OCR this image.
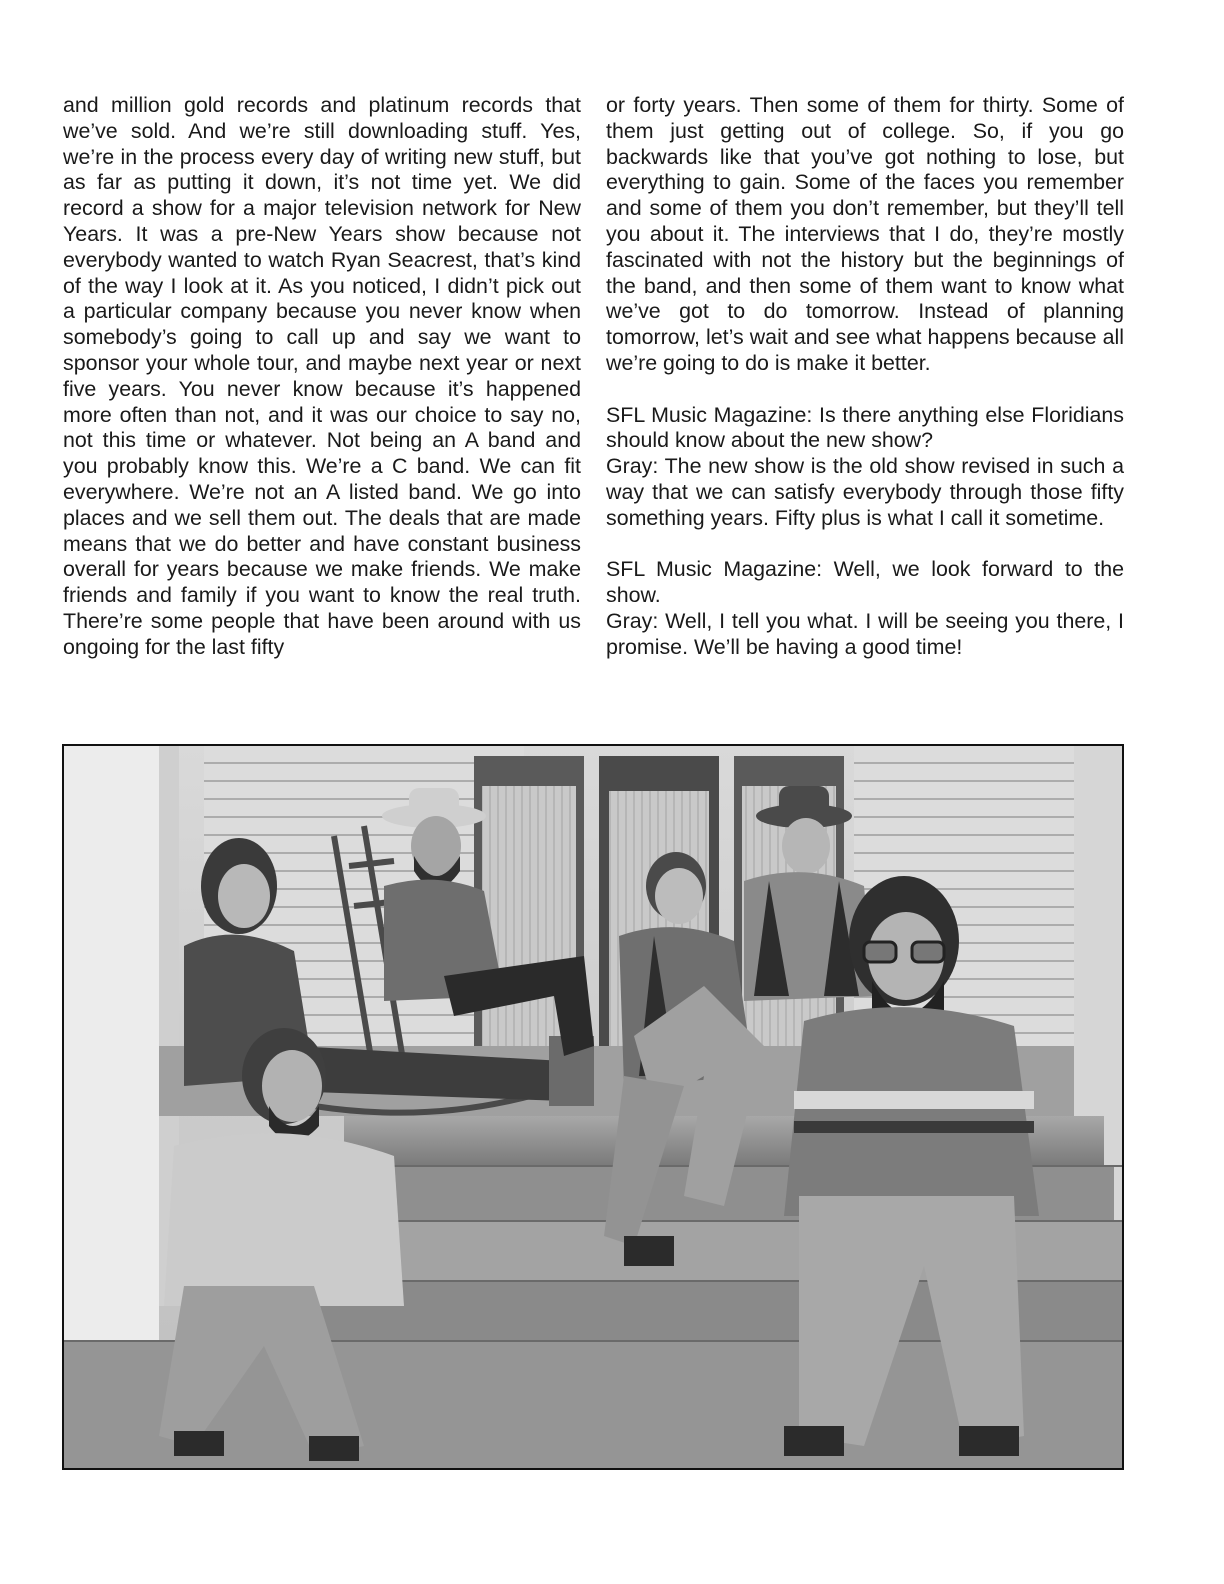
and million gold records and platinum records that we’ve sold. And we’re still downloading stuff. Yes, we’re in the process every day of writing new stuff, but as far as putting it down, it’s not time yet. We did record a show for a major television network for New Years. It was a pre-New Years show because not everybody wanted to watch Ryan Seacrest, that’s kind of the way I look at it. As you noticed, I didn’t pick out a particular company because you never know when somebody’s going to call up and say we want to sponsor your whole tour, and maybe next year or next five years. You never know because it’s happened more often than not, and it was our choice to say no, not this time or whatever. Not being an A band and you probably know this. We’re a C band. We can fit everywhere. We’re not an A listed band. We go into places and we sell them out. The deals that are made means that we do better and have constant business overall for years because we make friends. We make friends and family if you want to know the real truth. There’re some people that have been around with us ongoing for the last fifty

or forty years. Then some of them for thirty. Some of them just getting out of college. So, if you go backwards like that you’ve got nothing to lose, but everything to gain. Some of the faces you remember and some of them you don’t remember, but they’ll tell you about it. The interviews that I do, they’re mostly fascinated with not the history but the beginnings of the band, and then some of them want to know what we’ve got to do tomorrow. Instead of planning tomorrow, let’s wait and see what happens because all we’re going to do is make it better.

SFL Music Magazine: Is there anything else Floridians should know about the new show?

Gray: The new show is the old show revised in such a way that we can satisfy everybody through those fifty something years. Fifty plus is what I call it sometime.

SFL Music Magazine: Well, we look forward to the show.

Gray: Well, I tell you what. I will be seeing you there, I promise. We’ll be having a good time!
